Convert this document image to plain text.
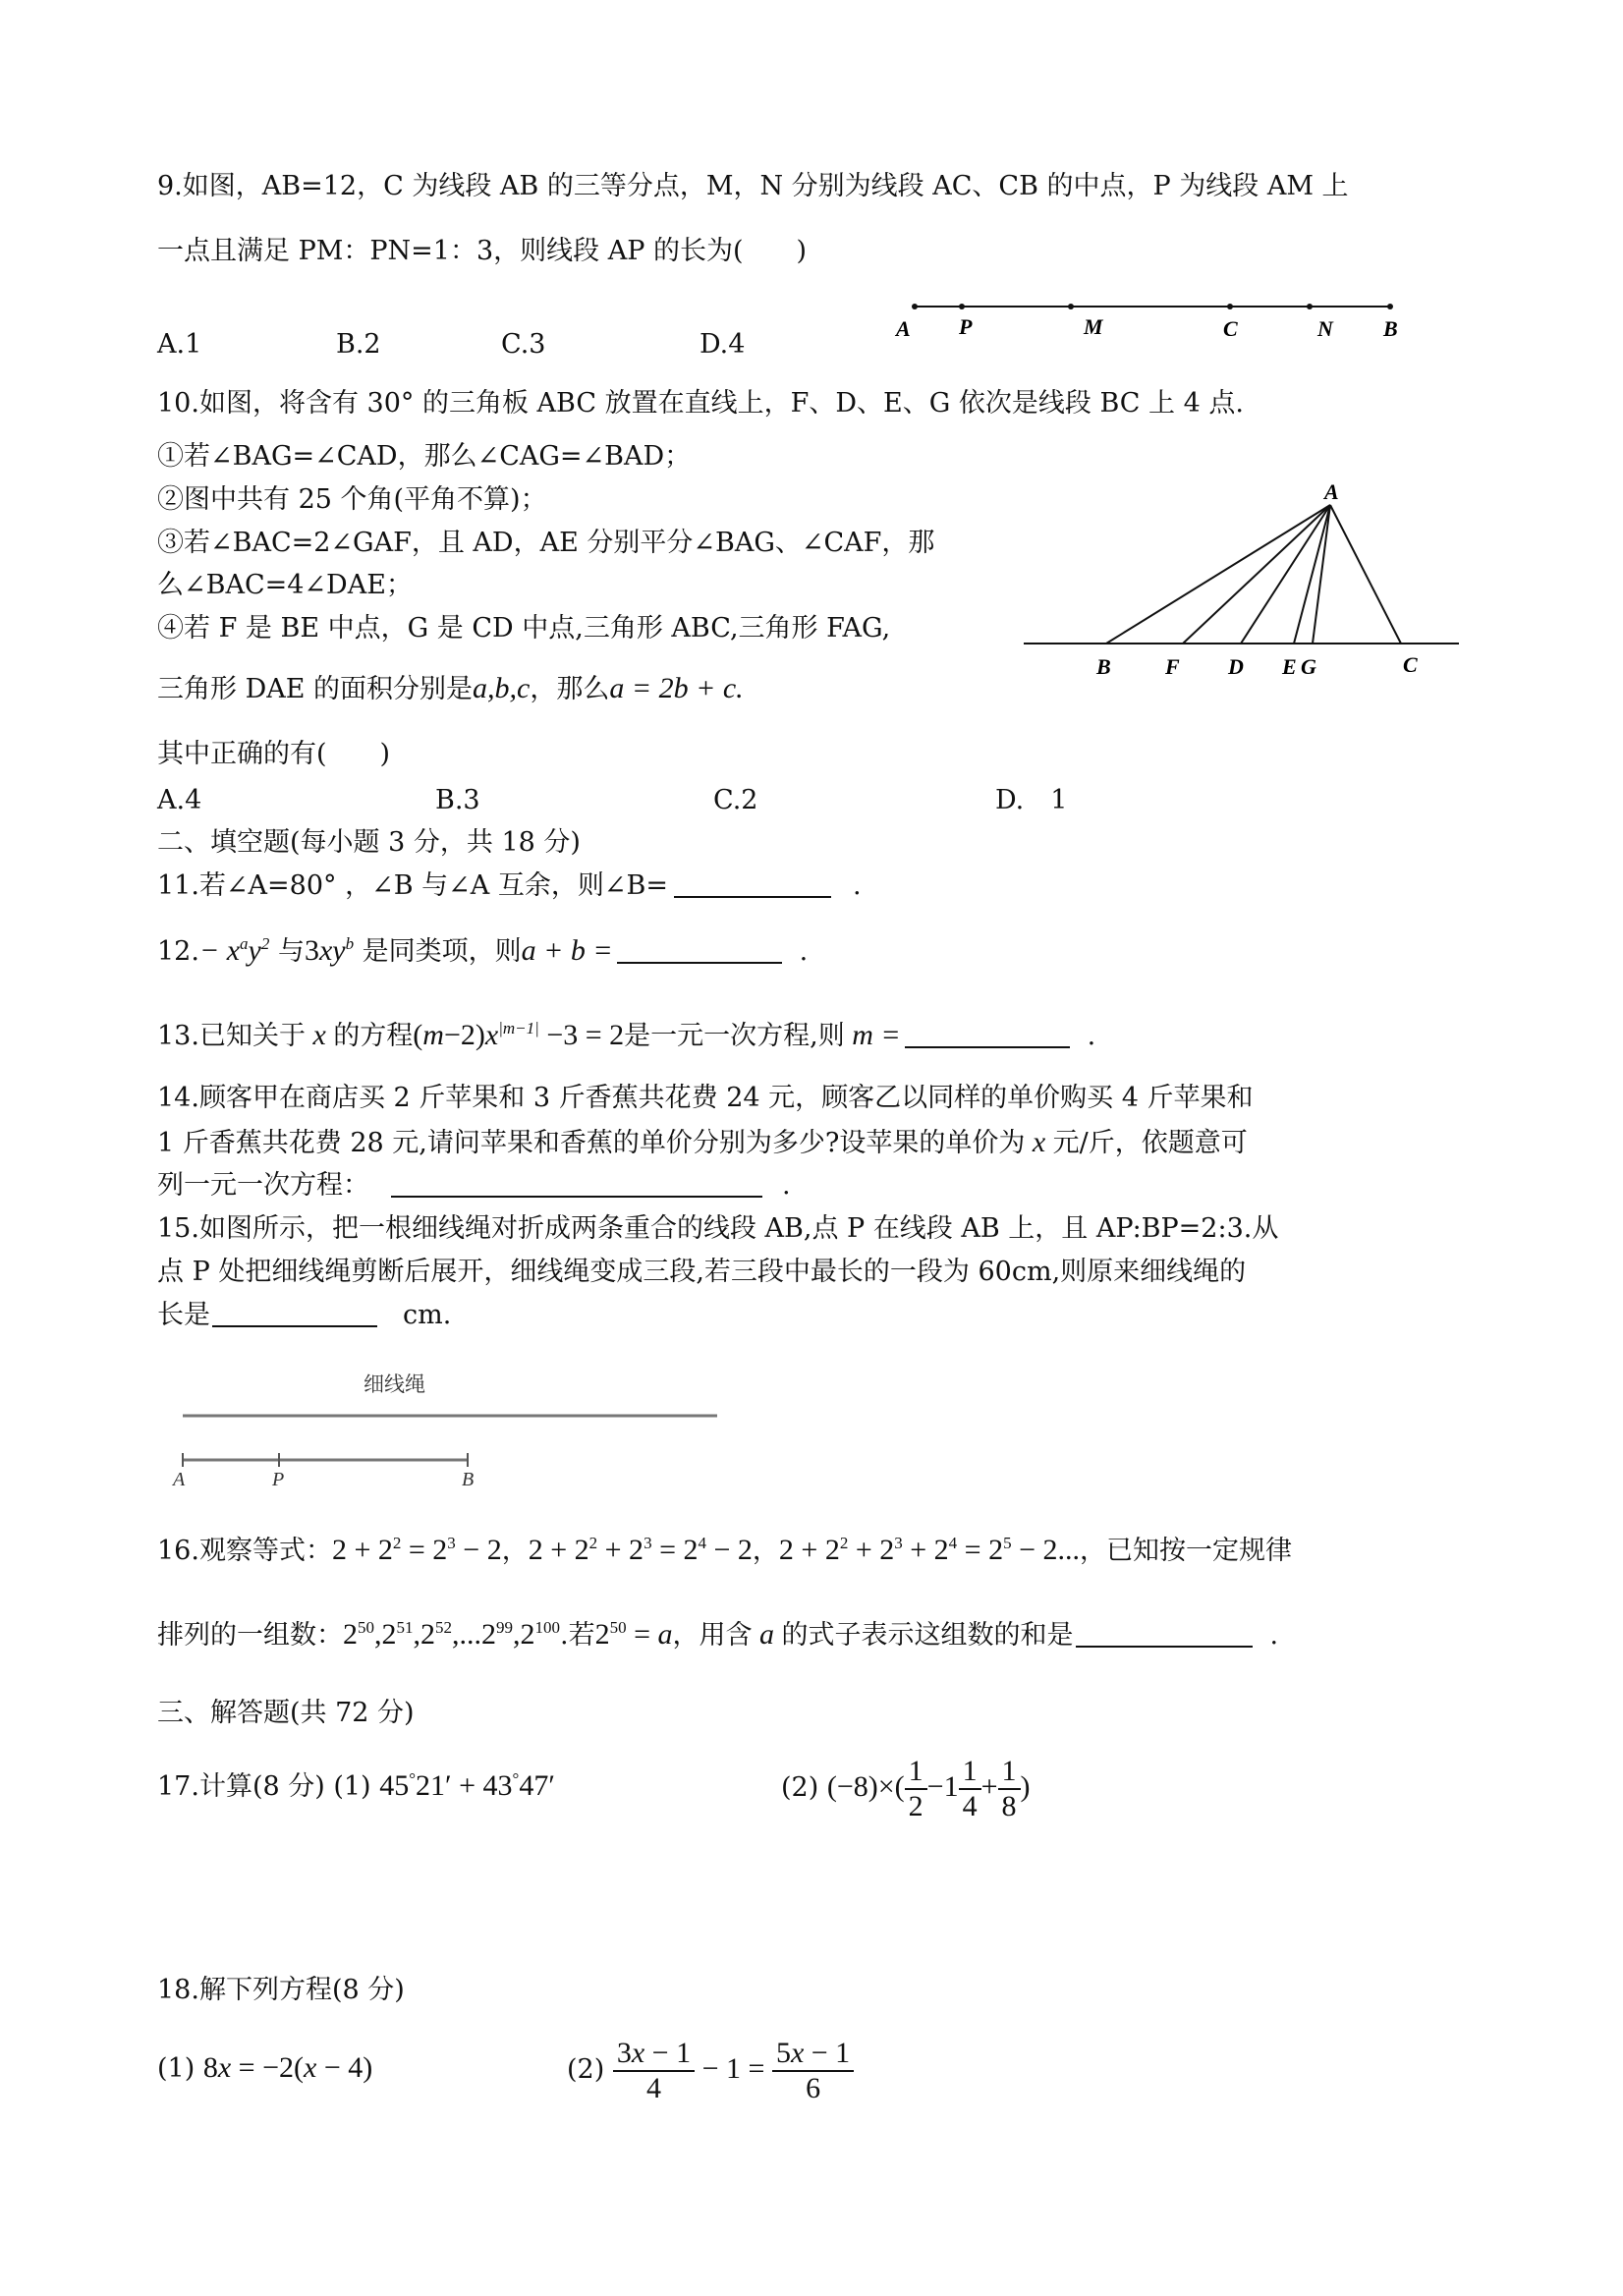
9.如图，AB=12，C 为线段 AB 的三等分点，M，N 分别为线段 AC、CB 的中点，P 为线段 AM 上
一点且满足 PM：PN=1：3，则线段 AP 的长为(　　)
A.1	B.2	C.3	D.4
A P	M	C	N B
10.如图，将含有 30° 的三角板 ABC 放置在直线上，F、D、E、G 依次是线段 BC 上 4 点.
①若∠BAG=∠CAD，那么∠CAG=∠BAD；
②图中共有 25 个角(平角不算)；
③若∠BAC=2∠GAF，且 AD，AE 分别平分∠BAG、∠CAF，那
么∠BAC=4∠DAE；
④若 F 是 BE 中点，G 是 CD 中点,三角形 ABC,三角形 FAG,
三角形 DAE 的面积分别是a,b,c，那么a = 2b + c.
其中正确的有(　　)
A.4	B.3	C.2	D.　1
A
B	F D E G	C
二、填空题(每小题 3 分，共 18 分)
11.若∠A=80° ，∠B 与∠A 互余，则∠B=	.
$12.- x^ay^2$ 与$3xy^b$ 是同类项，则a + b =	.
13.已知关于 x 的方程$(m-2)x^{|m-1|} -3 = 2$是一元一次方程,则 m =	.
14.顾客甲在商店买 2 斤苹果和 3 斤香蕉共花费 24 元，顾客乙以同样的单价购买 4 斤苹果和
1 斤香蕉共花费 28 元,请问苹果和香蕉的单价分别为多少?设苹果的单价为 x 元/斤，依题意可
列一元一次方程：	.
15.如图所示，把一根细线绳对折成两条重合的线段 AB,点 P 在线段 AB 上，且 AP:BP=2:3.从
点 P 处把细线绳剪断后展开，细线绳变成三段,若三段中最长的一段为 60cm,则原来细线绳的
长是	cm.
细线绳
A	P	B
16.观察等式：$2 + 2^2 = 2^3 - 2$，$2 + 2^2 + 2^3 = 2^4 - 2$，$2 + 2^2 + 2^3 + 2^4 = 2^5 - 2$...，已知按一定规律
排列的一组数：$2^{50},2^{51},2^{52},...2^{99},2^{100}$.若$2^{50} = a$，用含 a 的式子表示这组数的和是	.
三、解答题(共 72 分)
17.计算(8 分) (1) 45°21′ + 43°47′	(2) $(-8)\times( \frac{1}{2} -1 \frac{1}{4} + \frac{1}{8}$ )
18.解下列方程(8 分)
(1) 8x = −2(x − 4)	$(2) \frac{3x - 1}{4} - 1 = \frac{5x - 1}{6}$
